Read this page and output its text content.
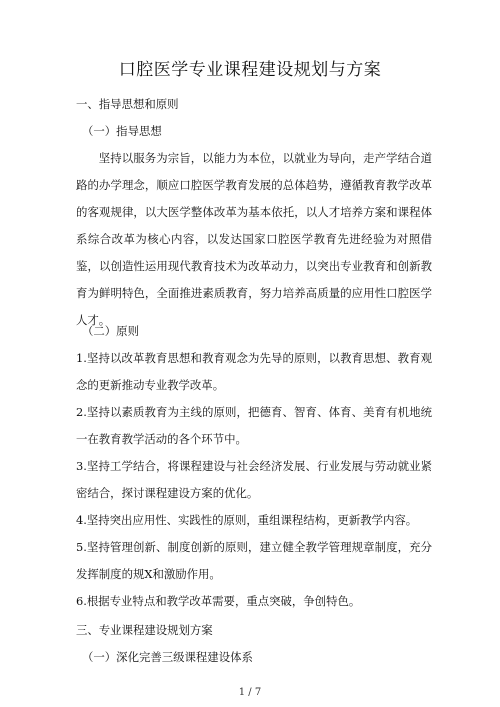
口腔医学专业课程建设规划与方案

一、指导思想和原则

（一）指导思想

坚持以服务为宗旨，以能力为本位，以就业为导向，走产学结合道路的办学理念，顺应口腔医学教育发展的总体趋势，遵循教育教学改革的客观规律，以大医学整体改革为基本依托，以人才培养方案和课程体系综合改革为核心内容，以发达国家口腔医学教育先进经验为对照借鉴，以创造性运用现代教育技术为改革动力，以突出专业教育和创新教育为鲜明特色，全面推进素质教育，努力培养高质量的应用性口腔医学人才。

（二）原则

1.坚持以改革教育思想和教育观念为先导的原则，以教育思想、教育观念的更新推动专业教学改革。

2.坚持以素质教育为主线的原则，把德育、智育、体育、美育有机地统一在教育教学活动的各个环节中。

3.坚持工学结合，将课程建设与社会经济发展、行业发展与劳动就业紧密结合，探讨课程建设方案的优化。

4.坚持突出应用性、实践性的原则，重组课程结构，更新教学内容。

5.坚持管理创新、制度创新的原则，建立健全教学管理规章制度，充分发挥制度的规X和激励作用。

6.根据专业特点和教学改革需要，重点突破，争创特色。

三、专业课程建设规划方案

（一）深化完善三级课程建设体系

1 / 7
